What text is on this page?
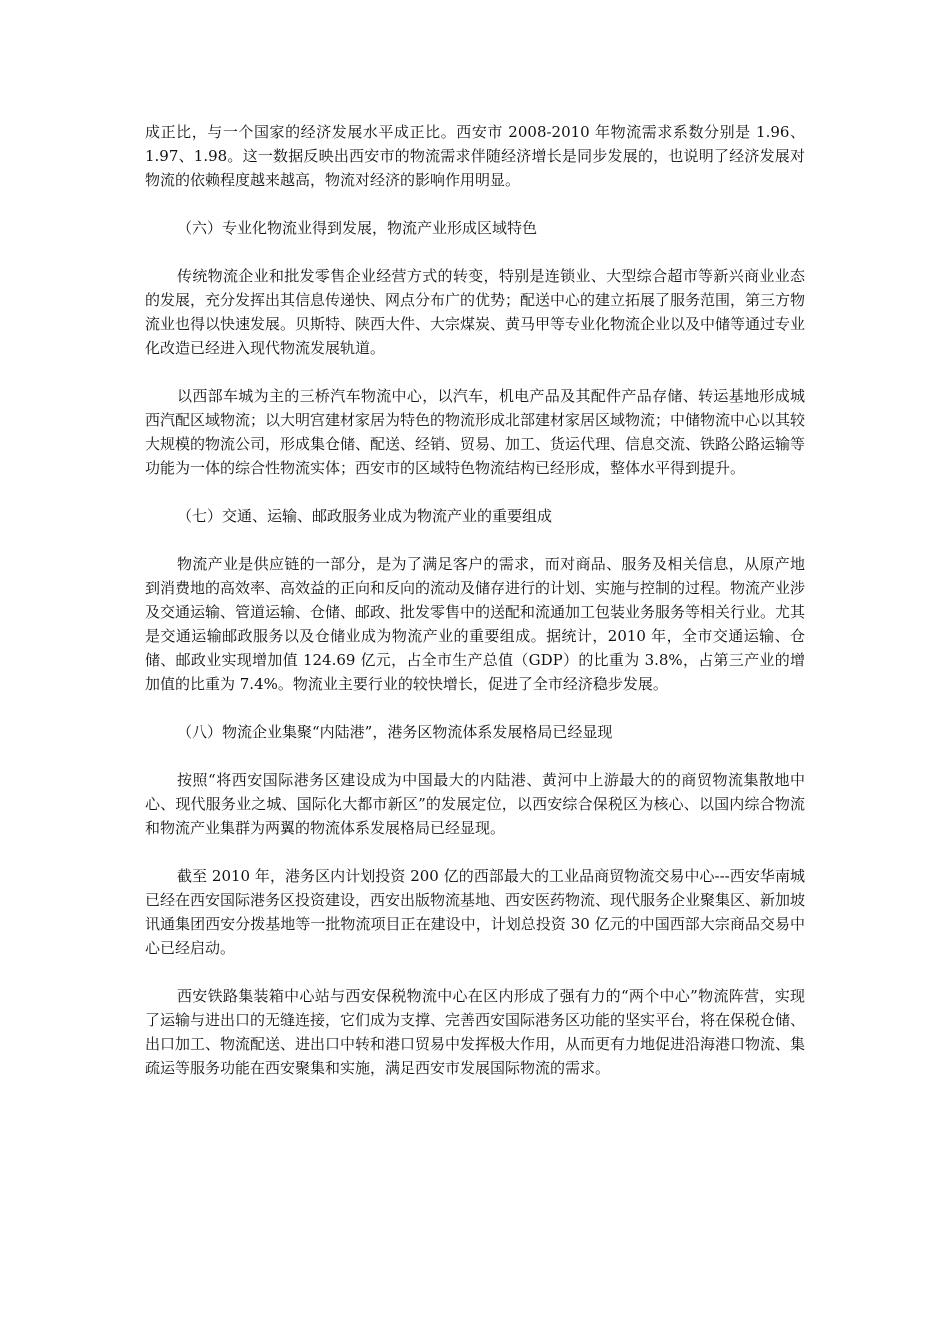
成正比，与一个国家的经济发展水平成正比。西安市 2008-2010 年物流需求系数分别是 1.96、1.97、1.98。这一数据反映出西安市的物流需求伴随经济增长是同步发展的，也说明了经济发展对物流的依赖程度越来越高，物流对经济的影响作用明显。

（六）专业化物流业得到发展，物流产业形成区域特色

传统物流企业和批发零售企业经营方式的转变，特别是连锁业、大型综合超市等新兴商业业态的发展，充分发挥出其信息传递快、网点分布广的优势；配送中心的建立拓展了服务范围，第三方物流业也得以快速发展。贝斯特、陕西大件、大宗煤炭、黄马甲等专业化物流企业以及中储等通过专业化改造已经进入现代物流发展轨道。

以西部车城为主的三桥汽车物流中心，以汽车，机电产品及其配件产品存储、转运基地形成城西汽配区域物流；以大明宫建材家居为特色的物流形成北部建材家居区域物流；中储物流中心以其较大规模的物流公司，形成集仓储、配送、经销、贸易、加工、货运代理、信息交流、铁路公路运输等功能为一体的综合性物流实体；西安市的区域特色物流结构已经形成，整体水平得到提升。

（七）交通、运输、邮政服务业成为物流产业的重要组成

物流产业是供应链的一部分，是为了满足客户的需求，而对商品、服务及相关信息，从原产地到消费地的高效率、高效益的正向和反向的流动及储存进行的计划、实施与控制的过程。物流产业涉及交通运输、管道运输、仓储、邮政、批发零售中的送配和流通加工包装业务服务等相关行业。尤其是交通运输邮政服务以及仓储业成为物流产业的重要组成。据统计，2010 年，全市交通运输、仓储、邮政业实现增加值 124.69 亿元，占全市生产总值（GDP）的比重为 3.8%，占第三产业的增加值的比重为 7.4%。物流业主要行业的较快增长，促进了全市经济稳步发展。

（八）物流企业集聚“内陆港”，港务区物流体系发展格局已经显现

按照“将西安国际港务区建设成为中国最大的内陆港、黄河中上游最大的的商贸物流集散地中心、现代服务业之城、国际化大都市新区”的发展定位，以西安综合保税区为核心、以国内综合物流和物流产业集群为两翼的物流体系发展格局已经显现。

截至 2010 年，港务区内计划投资 200 亿的西部最大的工业品商贸物流交易中心---西安华南城已经在西安国际港务区投资建设，西安出版物流基地、西安医药物流、现代服务企业聚集区、新加坡讯通集团西安分拨基地等一批物流项目正在建设中，计划总投资 30 亿元的中国西部大宗商品交易中心已经启动。

西安铁路集装箱中心站与西安保税物流中心在区内形成了强有力的“两个中心”物流阵营，实现了运输与进出口的无缝连接，它们成为支撑、完善西安国际港务区功能的坚实平台，将在保税仓储、出口加工、物流配送、进出口中转和港口贸易中发挥极大作用，从而更有力地促进沿海港口物流、集疏运等服务功能在西安聚集和实施，满足西安市发展国际物流的需求。
